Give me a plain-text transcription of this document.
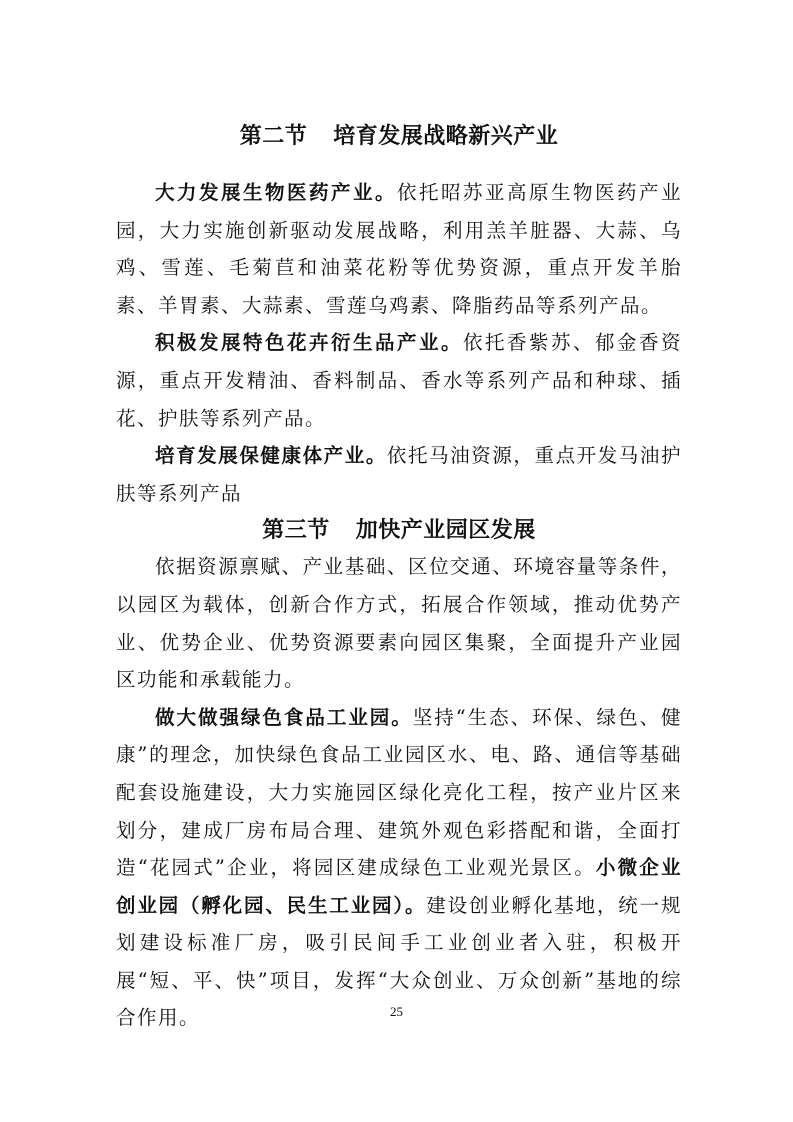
第二节 培育发展战略新兴产业

大力发展生物医药产业。依托昭苏亚高原生物医药产业园，大力实施创新驱动发展战略，利用羔羊脏器、大蒜、乌鸡、雪莲、毛菊苣和油菜花粉等优势资源，重点开发羊胎素、羊胃素、大蒜素、雪莲乌鸡素、降脂药品等系列产品。

积极发展特色花卉衍生品产业。依托香紫苏、郁金香资源，重点开发精油、香料制品、香水等系列产品和种球、插花、护肤等系列产品。

培育发展保健康体产业。依托马油资源，重点开发马油护肤等系列产品

第三节 加快产业园区发展

依据资源禀赋、产业基础、区位交通、环境容量等条件，以园区为载体，创新合作方式，拓展合作领域，推动优势产业、优势企业、优势资源要素向园区集聚，全面提升产业园区功能和承载能力。

做大做强绿色食品工业园。坚持“生态、环保、绿色、健康”的理念，加快绿色食品工业园区水、电、路、通信等基础配套设施建设，大力实施园区绿化亮化工程，按产业片区来划分，建成厂房布局合理、建筑外观色彩搭配和谐，全面打造“花园式”企业，将园区建成绿色工业观光景区。小微企业创业园（孵化园、民生工业园）。建设创业孵化基地，统一规划建设标准厂房，吸引民间手工业创业者入驻，积极开展“短、平、快”项目，发挥“大众创业、万众创新”基地的综合作用。	25
